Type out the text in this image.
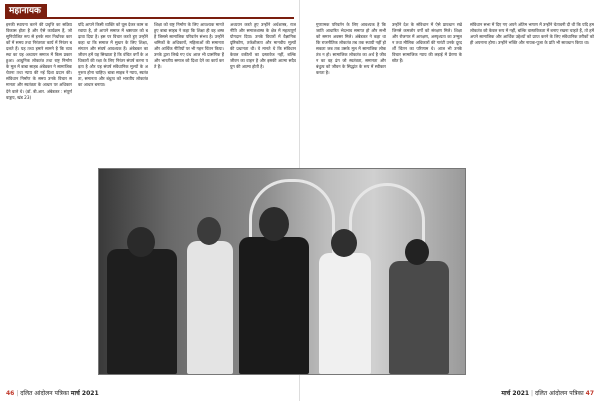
महानायक
इनकी स्थापना करने की प्रवृत्ति का सक्रिय विकास होता है और ऐसे कार्यक्रम हैं, जो सुनियोजित रूप से इनके सार निर्धारक कारकों में समय तथा निरंतरता कार्य में निरंतर बदलते हैं। यह तथ्य हमारे सामने है कि व्यवस्था का यह अध्ययन समाज में किस प्रकार हुआ। आधुनिक लोकतंत्र तथा राष्ट्र निर्माण के मूल में बाबा साहब अंबेडकर ने सामाजिक चेतना तथा न्याय की नई दिशा प्रदान की। संविधान निर्माण के समय उनके विचार समानता और स्वतंत्रता के आधार पर अधिकार देने वाले थे। (डॉ. बी.आर. अंबेडकर : संपूर्ण वाङ्मय, खंड 23)
यदि आपने किसी व्यक्ति को घूस देकर काम करवाया है, तो आपने समाज में भ्रष्टाचार को बढ़ावा दिया है। इस पर विचार करते हुए उन्होंने कहा था कि समाज में सुधार के लिए शिक्षा, संगठन और संघर्ष आवश्यक हैं। अंबेडकर का जीवन हमें यह सिखाता है कि वंचित वर्गों के अधिकारों की रक्षा के लिए निरंतर संघर्ष करना पड़ता है और यह संघर्ष संवैधानिक मूल्यों के अनुरूप होना चाहिए। बाबा साहब ने न्याय, स्वतंत्रता, समानता और बंधुत्व को भारतीय लोकतंत्र का आधार बनाया।
शिक्षा को राष्ट्र निर्माण के लिए आवश्यक मानते हुए बाबा साहब ने कहा कि शिक्षा ही वह शस्त्र है जिससे सामाजिक परिवर्तन संभव है। उन्होंने श्रमिकों के अधिकारों, महिलाओं की समानता और आर्थिक नीतियों पर भी गहन चिंतन किया। उनके द्वारा लिखे गए ग्रंथ आज भी प्रासंगिक हैं और भारतीय समाज को दिशा देने का कार्य करते हैं।
अध्ययन करते हुए उन्होंने अर्थशास्त्र, राजनीति और समाजशास्त्र के क्षेत्र में महत्वपूर्ण योगदान दिया। उनके विचारों में वैज्ञानिक दृष्टिकोण, तर्कशीलता और मानवीय मूल्यों की प्रधानता थी। वे मानते थे कि संविधान केवल वकीलों का दस्तावेज नहीं, बल्कि जीवन का वाहन है और इसकी आत्मा सदैव युग की आत्मा होती है।
46 | दलित आंदोलन पत्रिका मार्च 2021
गुणात्मक परिवर्तन के लिए आवश्यक है कि जाति आधारित भेदभाव समाप्त हो और सभी को समान अवसर मिले। अंबेडकर ने कहा था कि राजनीतिक लोकतंत्र तब तक स्थायी नहीं हो सकता जब तक उसके मूल में सामाजिक लोकतंत्र न हो। सामाजिक लोकतंत्र का अर्थ है जीवन का वह ढंग जो स्वतंत्रता, समानता और बंधुत्व को जीवन के सिद्धांत के रूप में स्वीकार करता है।
उन्होंने देश के संविधान में ऐसे प्रावधान रखे जिनसे कमजोर वर्गों को संरक्षण मिले। शिक्षा और रोजगार में आरक्षण, अस्पृश्यता का उन्मूलन तथा मौलिक अधिकारों की गारंटी उनके दूरदर्शी चिंतन का परिणाम थे। आज भी उनके विचार सामाजिक न्याय की लड़ाई में प्रेरणा के स्रोत हैं।
संविधान सभा में दिए गए अपने अंतिम भाषण में उन्होंने चेतावनी दी थी कि यदि हम लोकतंत्र को केवल रूप में नहीं, बल्कि वास्तविकता में बनाए रखना चाहते हैं, तो हमें अपने सामाजिक और आर्थिक उद्देश्यों को प्राप्त करने के लिए संवैधानिक तरीकों को ही अपनाना होगा। उन्होंने भक्ति और नायक-पूजा के प्रति भी सावधान किया था।
मार्च 2021 | दलित आंदोलन पत्रिका 47
